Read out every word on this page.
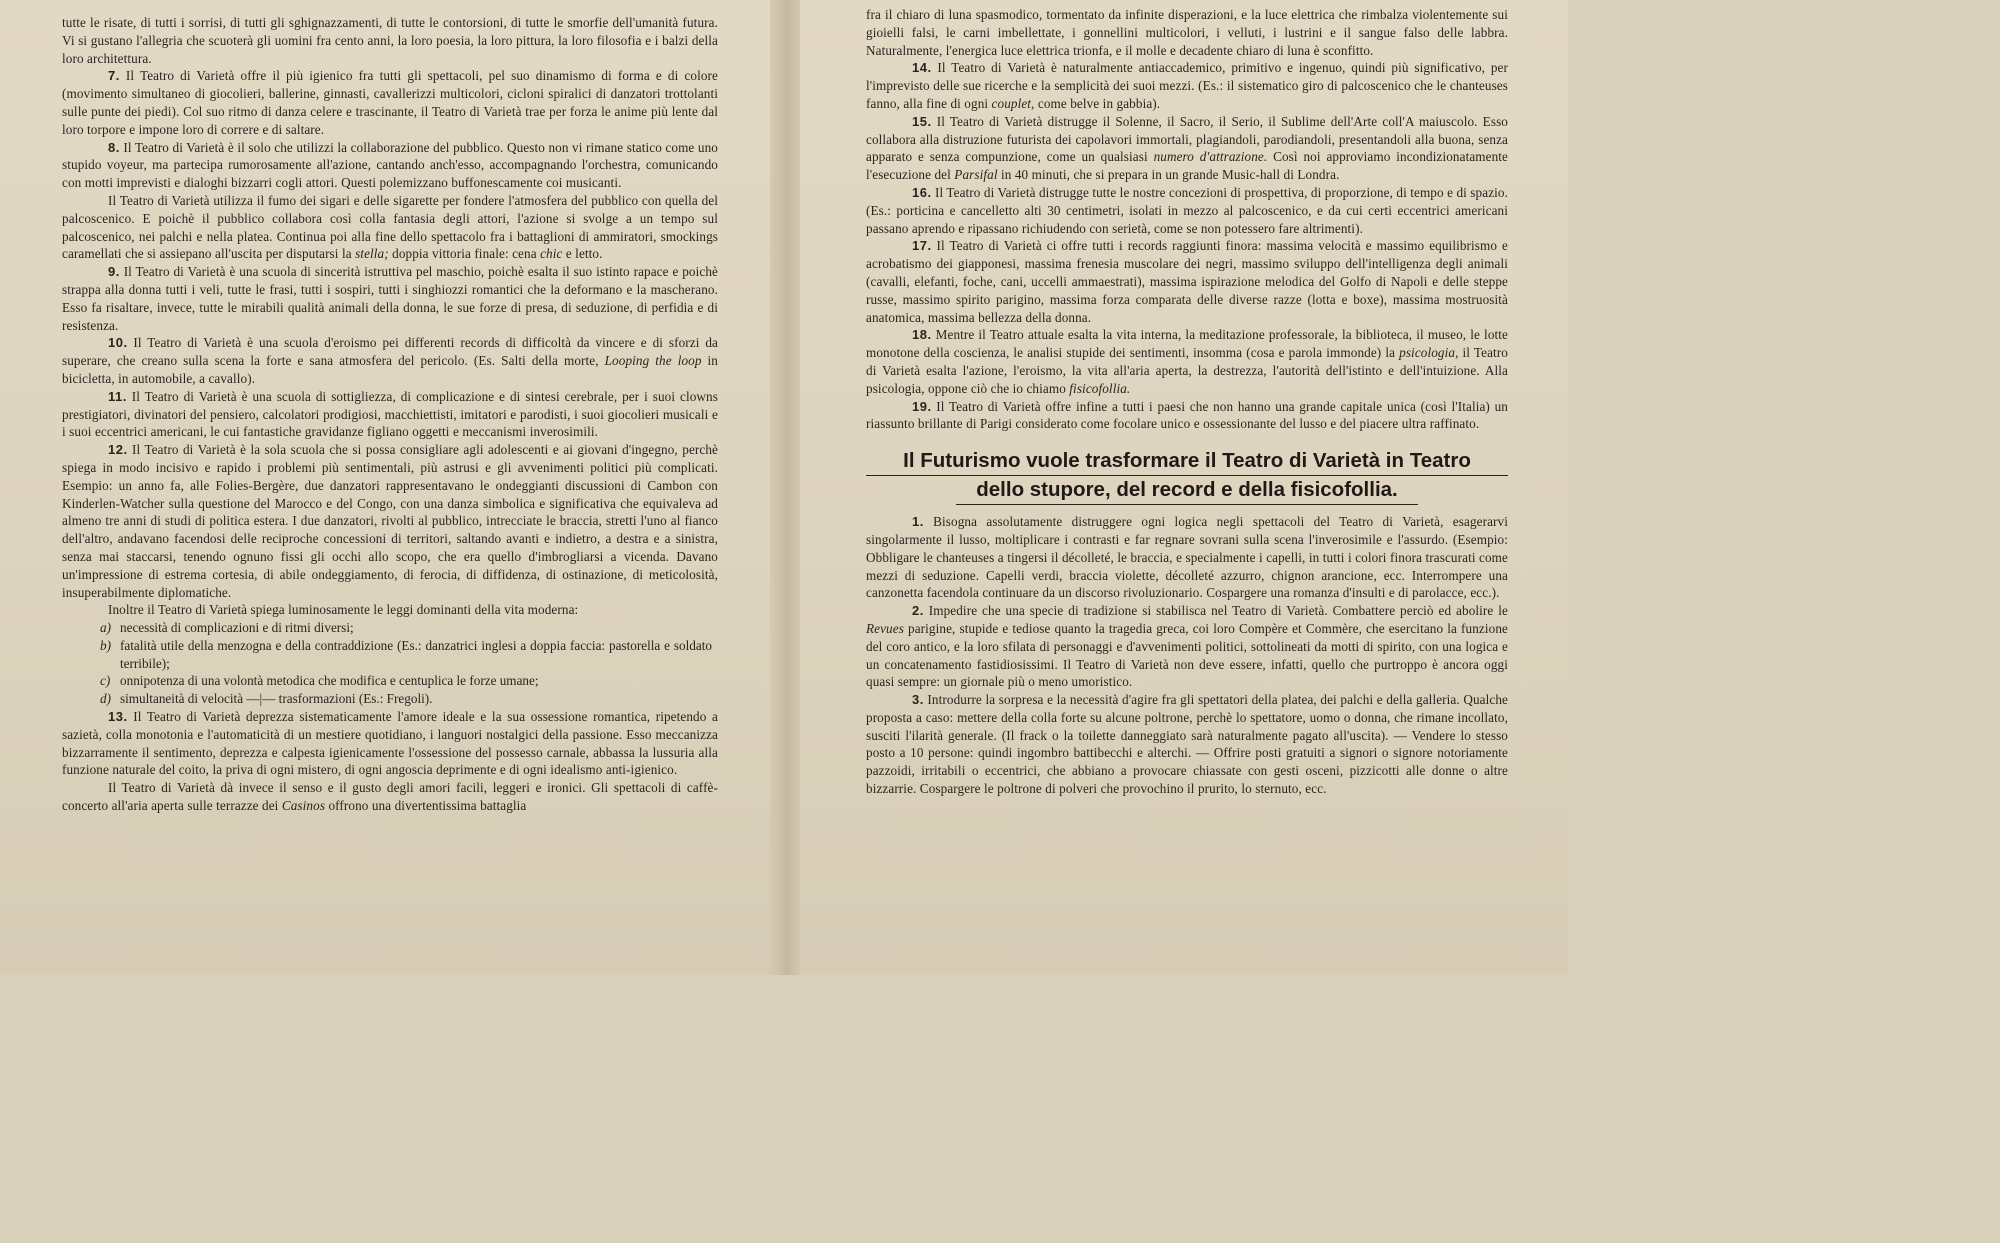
tutte le risate, di tutti i sorrisi, di tutti gli sghignazzamenti, di tutte le contorsioni, di tutte le smorfie dell'umanità futura. Vi si gustano l'allegria che scuoterà gli uomini fra cento anni, la loro poesia, la loro pittura, la loro filosofia e i balzi della loro architettura.

7. Il Teatro di Varietà offre il più igienico fra tutti gli spettacoli, pel suo dinamismo di forma e di colore (movimento simultaneo di giocolieri, ballerine, ginnasti, cavallerizzi multicolori, cicloni spiralici di danzatori trottolanti sulle punte dei piedi). Col suo ritmo di danza celere e trascinante, il Teatro di Varietà trae per forza le anime più lente dal loro torpore e impone loro di correre e di saltare.

8. Il Teatro di Varietà è il solo che utilizzi la collaborazione del pubblico. Questo non vi rimane statico come uno stupido voyeur, ma partecipa rumorosamente all'azione, cantando anch'esso, accompagnando l'orchestra, comunicando con motti imprevisti e dialoghi bizzarri cogli attori. Questi polemizzano buffonescamente coi musicanti.

Il Teatro di Varietà utilizza il fumo dei sigari e delle sigarette per fondere l'atmosfera del pubblico con quella del palcoscenico. E poichè il pubblico collabora così colla fantasia degli attori, l'azione si svolge a un tempo sul palcoscenico, nei palchi e nella platea. Continua poi alla fine dello spettacolo fra i battaglioni di ammiratori, smockings caramellati che si assiepano all'uscita per disputarsi la stella; doppia vittoria finale: cena chic e letto.

9. Il Teatro di Varietà è una scuola di sincerità istruttiva pel maschio, poichè esalta il suo istinto rapace e poichè strappa alla donna tutti i veli, tutte le frasi, tutti i sospiri, tutti i singhiozzi romantici che la deformano e la mascherano. Esso fa risaltare, invece, tutte le mirabili qualità animali della donna, le sue forze di presa, di seduzione, di perfidia e di resistenza.

10. Il Teatro di Varietà è una scuola d'eroismo pei differenti records di difficoltà da vincere e di sforzi da superare, che creano sulla scena la forte e sana atmosfera del pericolo. (Es. Salti della morte, Looping the loop in bicicletta, in automobile, a cavallo).

11. Il Teatro di Varietà è una scuola di sottigliezza, di complicazione e di sintesi cerebrale, per i suoi clowns prestigiatori, divinatori del pensiero, calcolatori prodigiosi, macchiettisti, imitatori e parodisti, i suoi giocolieri musicali e i suoi eccentrici americani, le cui fantastiche gravidanze figliano oggetti e meccanismi inverosimili.

12. Il Teatro di Varietà è la sola scuola che si possa consigliare agli adolescenti e ai giovani d'ingegno, perchè spiega in modo incisivo e rapido i problemi più sentimentali, più astrusi e gli avvenimenti politici più complicati. Esempio: un anno fa, alle Folies-Bergère, due danzatori rappresentavano le ondeggianti discussioni di Cambon con Kinderlen-Watcher sulla questione del Marocco e del Congo, con una danza simbolica e significativa che equivaleva ad almeno tre anni di studi di politica estera. I due danzatori, rivolti al pubblico, intrecciate le braccia, stretti l'uno al fianco dell'altro, andavano facendosi delle reciproche concessioni di territori, saltando avanti e indietro, a destra e a sinistra, senza mai staccarsi, tenendo ognuno fissi gli occhi allo scopo, che era quello d'imbrogliarsi a vicenda. Davano un'impressione di estrema cortesia, di abile ondeggiamento, di ferocia, di diffidenza, di ostinazione, di meticolosità, insuperabilmente diplomatiche.

Inoltre il Teatro di Varietà spiega luminosamente le leggi dominanti della vita moderna:

a) necessità di complicazioni e di ritmi diversi;
b) fatalità utile della menzogna e della contraddizione (Es.: danzatrici inglesi a doppia faccia: pastorella e soldato terribile);
c) onnipotenza di una volontà metodica che modifica e centuplica le forze umane;
d) simultaneità di velocità —|— trasformazioni (Es.: Fregoli).

13. Il Teatro di Varietà deprezza sistematicamente l'amore ideale e la sua ossessione romantica, ripetendo a sazietà, colla monotonia e l'automaticità di un mestiere quotidiano, i languori nostalgici della passione. Esso meccanizza bizzarramente il sentimento, deprezza e calpesta igienicamente l'ossessione del possesso carnale, abbassa la lussuria alla funzione naturale del coito, la priva di ogni mistero, di ogni angoscia deprimente e di ogni idealismo anti-igienico.

Il Teatro di Varietà dà invece il senso e il gusto degli amori facili, leggeri e ironici. Gli spettacoli di caffè-concerto all'aria aperta sulle terrazze dei Casinos offrono una divertentissima battaglia

fra il chiaro di luna spasmodico, tormentato da infinite disperazioni, e la luce elettrica che rimbalza violentemente sui gioielli falsi, le carni imbellettate, i gonnellini multicolori, i velluti, i lustrini e il sangue falso delle labbra. Naturalmente, l'energica luce elettrica trionfa, e il molle e decadente chiaro di luna è sconfitto.

14. Il Teatro di Varietà è naturalmente antiaccademico, primitivo e ingenuo, quindi più significativo, per l'imprevisto delle sue ricerche e la semplicità dei suoi mezzi. (Es.: il sistematico giro di palcoscenico che le chanteuses fanno, alla fine di ogni couplet, come belve in gabbia).

15. Il Teatro di Varietà distrugge il Solenne, il Sacro, il Serio, il Sublime dell'Arte coll'A maiuscolo. Esso collabora alla distruzione futurista dei capolavori immortali, plagiandoli, parodiandoli, presentandoli alla buona, senza apparato e senza compunzione, come un qualsiasi numero d'attrazione. Così noi approviamo incondizionatamente l'esecuzione del Parsifal in 40 minuti, che si prepara in un grande Music-hall di Londra.

16. Il Teatro di Varietà distrugge tutte le nostre concezioni di prospettiva, di proporzione, di tempo e di spazio. (Es.: porticina e cancelletto alti 30 centimetri, isolati in mezzo al palcoscenico, e da cui certi eccentrici americani passano aprendo e ripassano richiudendo con serietà, come se non potessero fare altrimenti).

17. Il Teatro di Varietà ci offre tutti i records raggiunti finora: massima velocità e massimo equilibrismo e acrobatismo dei giapponesi, massima frenesia muscolare dei negri, massimo sviluppo dell'intelligenza degli animali (cavalli, elefanti, foche, cani, uccelli ammaestrati), massima ispirazione melodica del Golfo di Napoli e delle steppe russe, massimo spirito parigino, massima forza comparata delle diverse razze (lotta e boxe), massima mostruosità anatomica, massima bellezza della donna.

18. Mentre il Teatro attuale esalta la vita interna, la meditazione professorale, la biblioteca, il museo, le lotte monotone della coscienza, le analisi stupide dei sentimenti, insomma (cosa e parola immonde) la psicologia, il Teatro di Varietà esalta l'azione, l'eroismo, la vita all'aria aperta, la destrezza, l'autorità dell'istinto e dell'intuizione. Alla psicologia, oppone ciò che io chiamo fisicofollia.

19. Il Teatro di Varietà offre infine a tutti i paesi che non hanno una grande capitale unica (così l'Italia) un riassunto brillante di Parigi considerato come focolare unico e ossessionante del lusso e del piacere ultra raffinato.

Il Futurismo vuole trasformare il Teatro di Varietà in Teatro
dello stupore, del record e della fisicofollia.

1. Bisogna assolutamente distruggere ogni logica negli spettacoli del Teatro di Varietà, esagerarvi singolarmente il lusso, moltiplicare i contrasti e far regnare sovrani sulla scena l'inverosimile e l'assurdo. (Esempio: Obbligare le chanteuses a tingersi il décolleté, le braccia, e specialmente i capelli, in tutti i colori finora trascurati come mezzi di seduzione. Capelli verdi, braccia violette, décolleté azzurro, chignon arancione, ecc. Interrompere una canzonetta facendola continuare da un discorso rivoluzionario. Cospargere una romanza d'insulti e di parolacce, ecc.).

2. Impedire che una specie di tradizione si stabilisca nel Teatro di Varietà. Combattere perciò ed abolire le Revues parigine, stupide e tediose quanto la tragedia greca, coi loro Compère et Commère, che esercitano la funzione del coro antico, e la loro sfilata di personaggi e d'avvenimenti politici, sottolineati da motti di spirito, con una logica e un concatenamento fastidiosissimi. Il Teatro di Varietà non deve essere, infatti, quello che purtroppo è ancora oggi quasi sempre: un giornale più o meno umoristico.

3. Introdurre la sorpresa e la necessità d'agire fra gli spettatori della platea, dei palchi e della galleria. Qualche proposta a caso: mettere della colla forte su alcune poltrone, perchè lo spettatore, uomo o donna, che rimane incollato, susciti l'ilarità generale. (Il frack o la toilette danneggiato sarà naturalmente pagato all'uscita). — Vendere lo stesso posto a 10 persone: quindi ingombro battibecchi e alterchi. — Offrire posti gratuiti a signori o signore notoriamente pazzoidi, irritabili o eccentrici, che abbiano a provocare chiassate con gesti osceni, pizzicotti alle donne o altre bizzarrie. Cospargere le poltrone di polveri che provochino il prurito, lo sternuto, ecc.
